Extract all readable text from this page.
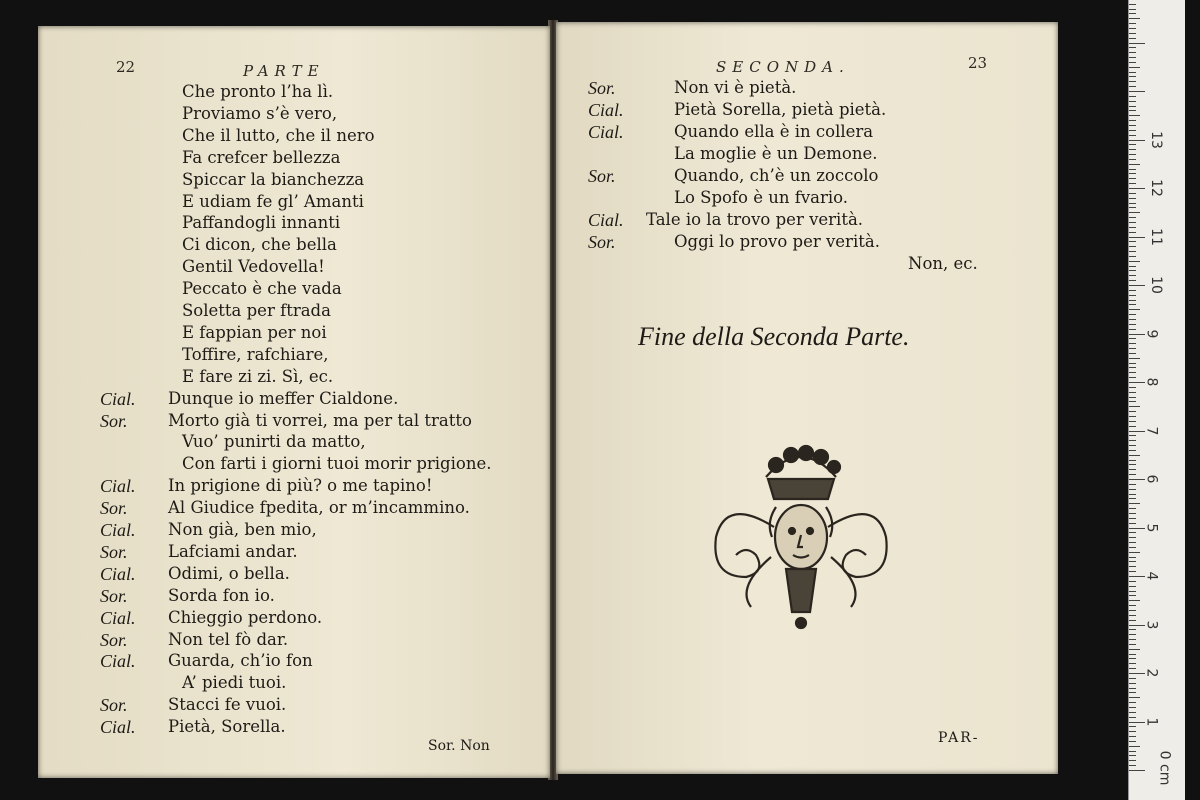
22	PARTE
Che pronto l’ha lì.
Proviamo s’è vero,
Che il lutto, che il nero
Fa crefcer bellezza
Spiccar la bianchezza
E udiam fe gl’ Amanti
Paffandogli innanti
Ci dicon, che bella
Gentil Vedovella!
Peccato è che vada
Soletta per ftrada
E fappian per noi
Toffire, rafchiare,
E fare zi zi. Sì, ec.
Cial. Dunque io meffer Cialdone.
Sor. Morto già ti vorrei, ma per tal tratto
Vuo’ punirti da matto,
Con farti i giorni tuoi morir prigione.
Cial. In prigione di più? o me tapino!
Sor. Al Giudice fpedita, or m’incammino.
Cial. Non già, ben mio,
Sor. Lafciami andar.
Cial. Odimi, o bella.
Sor. Sorda fon io.
Cial. Chieggio perdono.
Sor. Non tel fò dar.
Cial. Guarda, ch’io fon
A’ piedi tuoi.
Sor. Stacci fe vuoi.
Cial. Pietà, Sorella.
Sor. Non
SECONDA.	23
Sor.	Non vi è pietà.
Cial.	Pietà Sorella, pietà pietà.
Cial.	Quando ella è in collera
La moglie è un Demone.
Sor.	Quando, ch’è un zoccolo
Lo Spofo è un fvario.
Cial. Tale io la trovo per verità.
Sor.	Oggi lo provo per verità.
Non, ec.
Fine della Seconda Parte.
PAR-
1
2
3
4
5
6
7
8
9
10
11
12
13
0 cm
